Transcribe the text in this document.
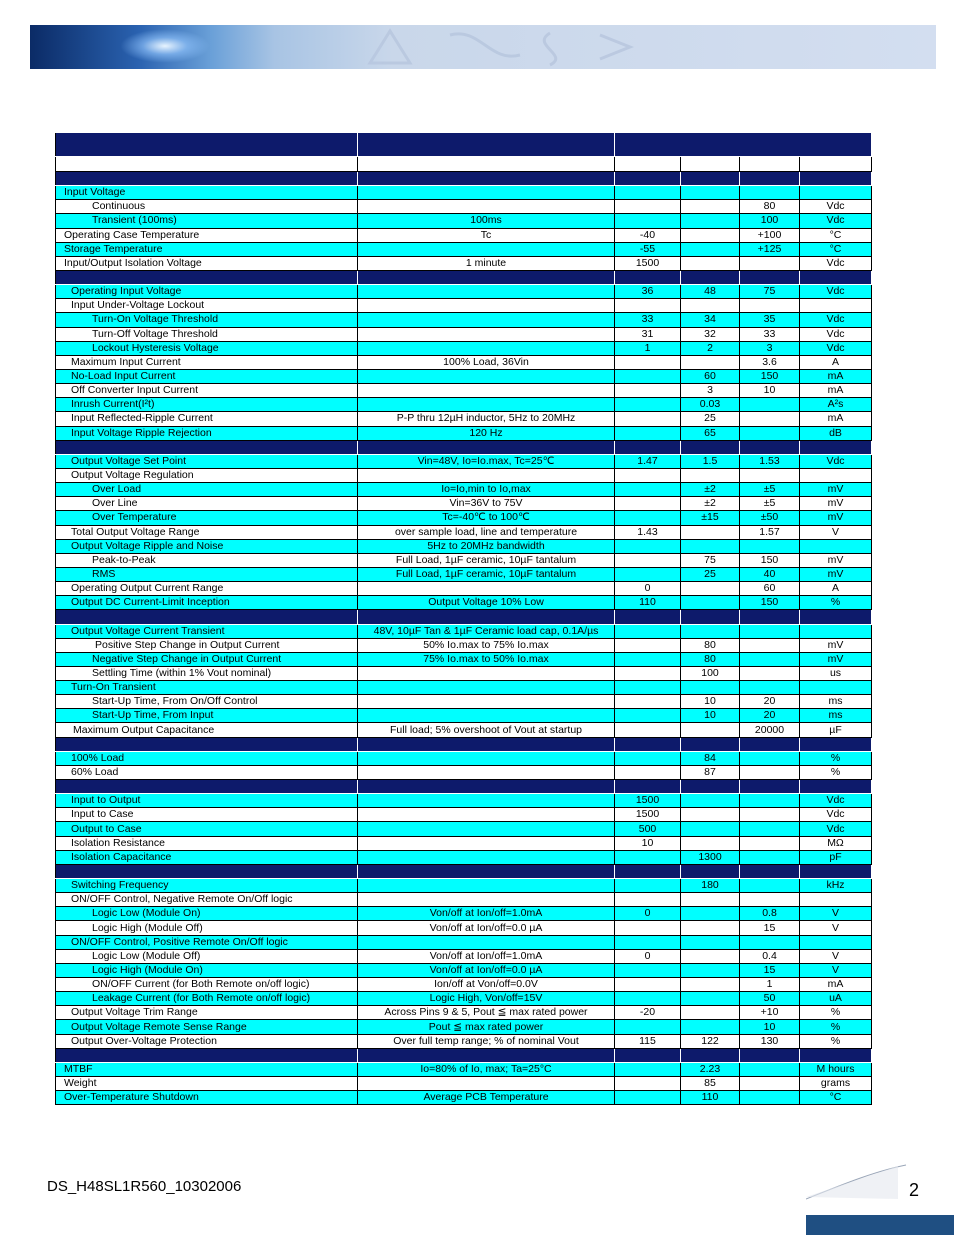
Input Voltage					
Continuous				80	Vdc
Transient (100ms)	100ms			100	Vdc
Operating Case Temperature	Tc	-40		+100	°C
Storage Temperature		-55		+125	°C
Input/Output Isolation Voltage	1 minute	1500			Vdc

Operating Input Voltage		36	48	75	Vdc
Input Under-Voltage Lockout					
Turn-On Voltage Threshold		33	34	35	Vdc
Turn-Off Voltage Threshold		31	32	33	Vdc
Lockout Hysteresis Voltage		1	2	3	Vdc
Maximum Input Current	100% Load, 36Vin			3.6	A
No-Load Input Current			60	150	mA
Off Converter Input Current			3	10	mA
Inrush Current(I²t)			0.03		A²s
Input Reflected-Ripple Current	P-P thru 12µH inductor, 5Hz to 20MHz		25		mA
Input Voltage Ripple Rejection	120 Hz		65		dB

Output Voltage Set Point	Vin=48V, Io=Io.max, Tc=25℃	1.47	1.5	1.53	Vdc
Output Voltage Regulation					
Over Load	Io=Io,min to Io,max		±2	±5	mV
Over Line	Vin=36V to 75V		±2	±5	mV
Over Temperature	Tc=-40℃ to 100℃		±15	±50	mV
Total Output Voltage Range	over sample load, line and temperature	1.43		1.57	V
Output Voltage Ripple and Noise	5Hz to 20MHz bandwidth				
Peak-to-Peak	Full Load, 1µF ceramic, 10µF tantalum		75	150	mV
RMS	Full Load, 1µF ceramic, 10µF tantalum		25	40	mV
Operating Output Current Range		0		60	A
Output DC Current-Limit Inception	Output Voltage 10% Low	110		150	%

Output Voltage Current Transient	48V, 10µF Tan & 1µF Ceramic load cap, 0.1A/µs				
Positive Step Change in Output Current	50% Io.max to 75% Io.max		80		mV
Negative Step Change in Output Current	75% Io.max to 50% Io.max		80		mV
Settling Time (within 1% Vout nominal)			100		us
Turn-On Transient					
Start-Up Time, From On/Off Control			10	20	ms
Start-Up Time, From Input			10	20	ms
Maximum Output Capacitance	Full load; 5% overshoot of Vout at startup			20000	µF

100% Load			84		%
60% Load			87		%

Input to Output		1500			Vdc
Input to Case		1500			Vdc
Output to Case		500			Vdc
Isolation Resistance		10			MΩ
Isolation Capacitance			1300		pF

Switching Frequency			180		kHz
ON/OFF Control, Negative Remote On/Off logic					
Logic Low (Module On)	Von/off at Ion/off=1.0mA	0		0.8	V
Logic High (Module Off)	Von/off at Ion/off=0.0 µA			15	V
ON/OFF Control, Positive Remote On/Off logic					
Logic Low (Module Off)	Von/off at Ion/off=1.0mA	0		0.4	V
Logic High (Module On)	Von/off at Ion/off=0.0 µA			15	V
ON/OFF Current (for Both Remote on/off logic)	Ion/off at Von/off=0.0V			1	mA
Leakage Current (for Both Remote on/off logic)	Logic High, Von/off=15V			50	uA
Output Voltage Trim Range	Across Pins 9 & 5, Pout ≦ max rated power	-20		+10	%
Output Voltage Remote Sense Range	Pout ≦ max rated power			10	%
Output Over-Voltage Protection	Over full temp range; % of nominal Vout	115	122	130	%

MTBF	Io=80% of Io, max; Ta=25°C		2.23		M hours
Weight			85		grams
Over-Temperature Shutdown	Average PCB Temperature		110		°C
DS_H48SL1R560_10302006	2
